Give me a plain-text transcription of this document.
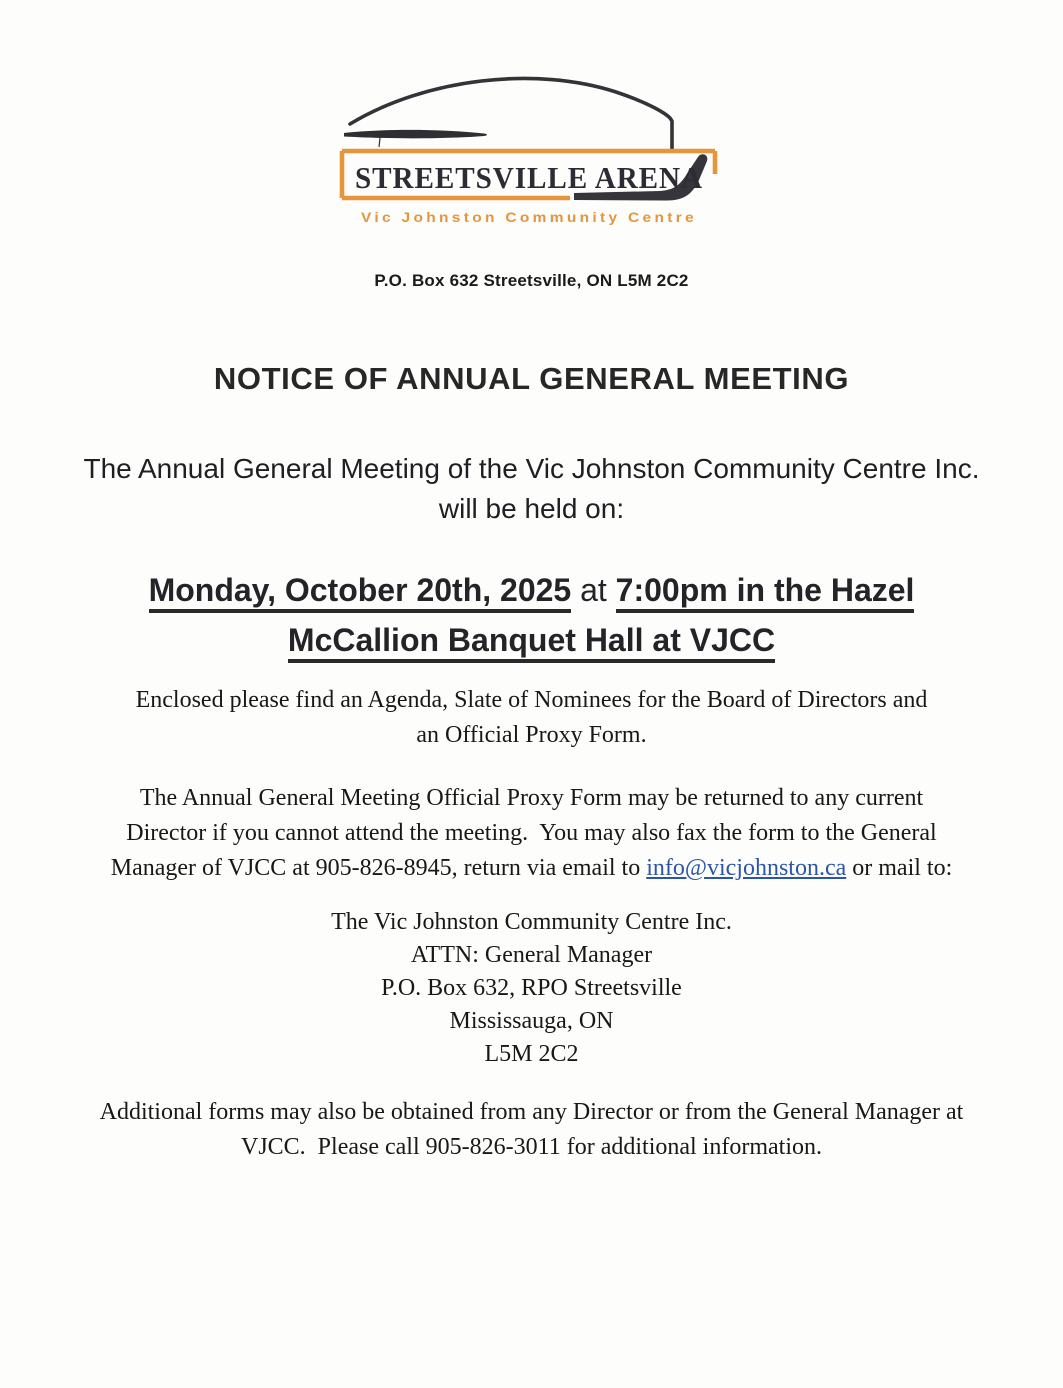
STREETSVILLE ARENA
Vic Johnston Community Centre
P.O. Box 632 Streetsville, ON L5M 2C2
NOTICE OF ANNUAL GENERAL MEETING
The Annual General Meeting of the Vic Johnston Community Centre Inc.
will be held on:
Monday, October 20th, 2025 at 7:00pm in the Hazel
McCallion Banquet Hall at VJCC
Enclosed please find an Agenda, Slate of Nominees for the Board of Directors and
an Official Proxy Form.
The Annual General Meeting Official Proxy Form may be returned to any current
Director if you cannot attend the meeting.  You may also fax the form to the General
Manager of VJCC at 905-826-8945, return via email to info@vicjohnston.ca or mail to:
The Vic Johnston Community Centre Inc.
ATTN: General Manager
P.O. Box 632, RPO Streetsville
Mississauga, ON
L5M 2C2
Additional forms may also be obtained from any Director or from the General Manager at
VJCC.  Please call 905-826-3011 for additional information.
